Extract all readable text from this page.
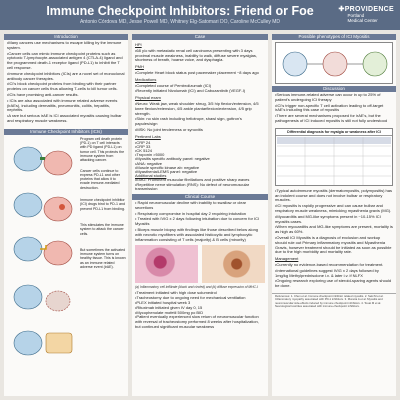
Immune Checkpoint Inhibitors: Friend or Foe
Antonio Córdova MD, Jesse Powell MD, Whitney Elg-Satomari DO, Caroline McCulley MD
✚PROVIDENCE
Portland
Medical Center
Introduction

•Many cancers use mechanisms to escape killing by the immune system.

•Cancer cells can mimic immune checkpoint proteins such as cytotoxic T-lymphocyte-associated antigen 4 (CTLA-4) ligand and the programmed death-1 receptor ligand (PD-L1) to inhibit the T cell response.

•Immune checkpoint inhibitors (ICIs) are a novel set of monoclonal antibody cancer therapies.

•ICI's block checkpoint proteins from binding with their partner proteins on cancer cells thus allowing T-cells to kill tumor cells.

•ICIs have promising anti-cancer results.

• ICIs are also associated with immune related adverse events (irAEs), including dermatitis, pneumonitis, colitis, hepatitis, nephritis.

•A rare but serious irAE is ICI associated myositis causing bulbar and respiratory muscle weakness.

Immune Checkpoint Inhibitors (ICIs)

Program cell death protein (PD-1) on T cell interacts with PD ligand (PD-L1) on tumor cell. This protects the immune system from attacking cancer.

Cancer cells continue to express PD-L1 and other proteins that allow it to evade immune-mediated destruction.

Immune checkpoint inhibitor (ICI) drugs bind to PD-1 and prevent PD-L1 from binding.

This stimulates the immune system to attack the cancer cells.

But sometimes the activated immune system turns on healthy tissue. This is known as an immune related adverse event (irAE).

Case

HPI

•68 y/o with metastatic renal cell carcinoma presenting with 3 days proximal muscle weakness, inability to walk, diffuse severe myalgias, shortness of breath, hoarse voice, and dysphagia.

PMH

•Complete Heart block status post pacemaker placement ~8 days ago

Medications

•Completed course of Pembrolizumab (ICI)

•Recently initiated Nivolumab (ICI) and Cabozantinib (VEGF-I)

Physical exam

•Neuro: Weak jaw, weak shoulder shrug, 3/5 hip flexion/extension, 4/5 knee flexion/extension, 4/5 ankle plantarflexion/extension, 4/5 grip strength.

•Skin: no skin rash including heliotrope, shawl sign, gottron's papules/sign

•MSK: No joint tenderness or synovitis

Pertinent Labs

•CRP 24
•CRP 33
•CK 5124
•Troponin >5000
•Myositis specific antibody panel: negative
•ANA: negative
•Muscle specific kinase ab: negative
•Myasthenia/LEMS panel: negative
Additional studies
•EMG: Prominent muscular fibrillations and positive sharp waves
•Repetitive nerve stimulation (RNS): No defect of neuromuscular transmission
Clinical Course

• Rapid neuromuscular decline with inability to swallow or clear secretions

• Respiratory compromise in hospital day 2 requiring intubation

• Treated with IVIG x 2 days following intubation due to concern for ICI Myositis

• Biceps muscle biopsy with findings like those described below along with necrotic myofibers with associated histiocytic and lymphocytic inflammation consisting of T cells (majority) & B cells (minority)

(a) Inflammatory cell infiltrate (black and circled) and (b) diffuse expression of MHC-I
•Treatment initiated with high dose solumedrol
•Tracheostomy due to ongoing need for mechanical ventilation
•PLEX initiated hospital week 3
•Rituximab initiated given IV day 0, 15
•Mycophenolate mofetil 500mg po BID
•Patient eventually experienced slow return of neuromuscular function with reversal of tracheostomy performed 8 weeks after hospitalization, but continued significant muscular weakness
Possible phenotypes of ICI Myositis
Discussion

•Serious immune-related adverse can occur in up to 25% of patient's undergoing ICI therapy

•ICI's trigger non-specific T cell activation leading to off-target irAE's including this case of myositis

•There are several mechanisms proposed for irAE's, but the pathogenesis of ICI induced myositis is still not fully understood

Differential diagnosis for myalgia or weakness after ICI

•Typical autoimmune myositis (dermatomyositis, polymyositis) has an indolent course and does not involve bulbar or respiratory muscles.

•ICI myositis is rapidly progressive and can cause bulbar and respiratory muscle weakness, mimicking myasthenia gravis (MG).

•Myocarditis and MG-like symptoms present in ~10-15% ICI myositis cases.

•When myocarditis and MG-like symptoms are present, mortality is as high as 60%.

•Overall ICI Myositis is a diagnosis of exclusion and workup should rule out Primary inflammatory myositis and Myasthenia Gravis, however treatment should be initiated as soon as possible due to the high morbidity and mortality rate.

Management

•Currently no evidence-based recommendation for treatment.

•International guidelines suggest IVIG x 2 days followed by 1mg/kg Methylprednisolone i.v. & later i.v. if NLFX

•Ongoing research exploring use of steroid-sparing agents should be done.

References: 1. Chen et al. Immune checkpoint inhibitor related myositis. 2. Seki M et al. Inflammatory myopathy associated with PD-1 inhibitors. 3. Moreira A et al. Myositis and neuromuscular side-effects induced by immune checkpoint inhibitors. 4. Touat M et al. Neurological toxicities associated with immune-checkpoint inhibitors.
